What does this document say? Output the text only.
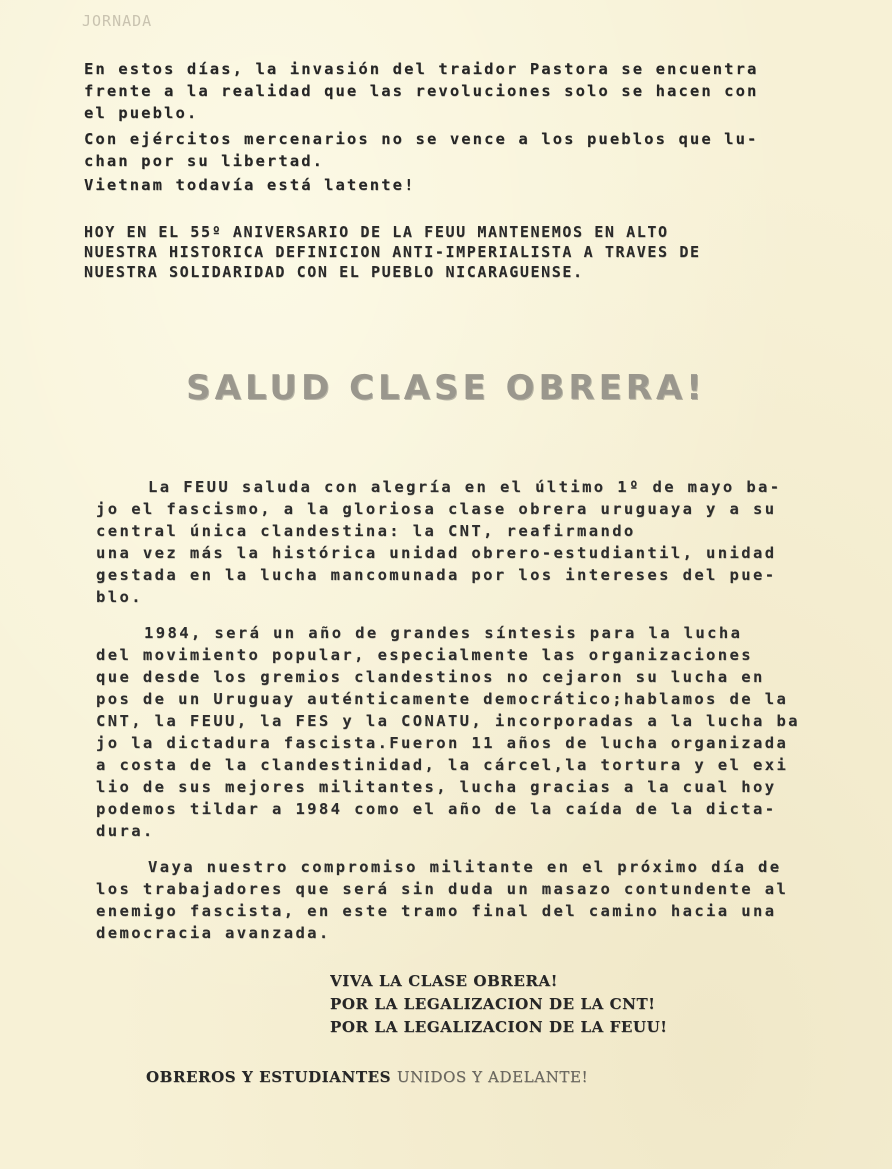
JORNADA
En estos días, la invasión del traidor Pastora se encuentra
frente a la realidad que las revoluciones solo se hacen con
el pueblo.
Con ejércitos mercenarios no se vence a los pueblos que lu-
chan por su libertad.
Vietnam todavía está latente!
HOY EN EL 55º ANIVERSARIO DE LA FEUU MANTENEMOS EN ALTO
NUESTRA HISTORICA DEFINICION ANTI-IMPERIALISTA A TRAVES DE
NUESTRA SOLIDARIDAD CON EL PUEBLO NICARAGUENSE.
SALUD CLASE OBRERA!
La FEUU saluda con alegría en el último 1º de mayo ba-
jo el fascismo, a la gloriosa clase obrera uruguaya y a su
central única clandestina: la CNT, reafirmando
una vez más la histórica unidad obrero-estudiantil, unidad
gestada en la lucha mancomunada por los intereses del pue-
blo.
1984, será un año de grandes síntesis para la lucha
del movimiento popular, especialmente las organizaciones
que desde los gremios clandestinos no cejaron su lucha en
pos de un Uruguay auténticamente democrático;hablamos de la
CNT, la FEUU, la FES y la CONATU, incorporadas a la lucha ba
jo la dictadura fascista.Fueron 11 años de lucha organizada
a costa de la clandestinidad, la cárcel,la tortura y el exi
lio de sus mejores militantes, lucha gracias a la cual hoy
podemos tildar a 1984 como el año de la caída de la dicta-
dura.
Vaya nuestro compromiso militante en el próximo día de
los trabajadores que será sin duda un masazo contundente al
enemigo fascista, en este tramo final del camino hacia una
democracia avanzada.
VIVA LA CLASE OBRERA!
POR LA LEGALIZACION DE LA CNT!
POR LA LEGALIZACION DE LA FEUU!
OBREROS Y ESTUDIANTES UNIDOS Y ADELANTE!
